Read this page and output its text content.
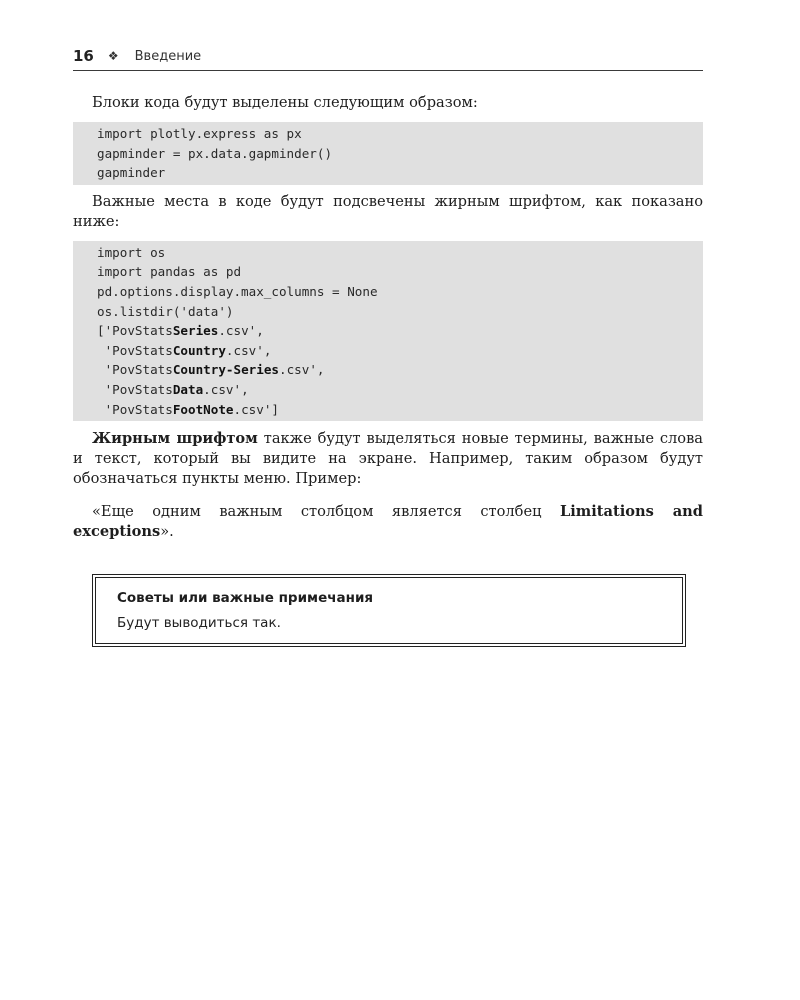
16 ❖ Введение

Блоки кода будут выделены следующим образом:

import plotly.express as px
gapminder = px.data.gapminder()
gapminder

Важные места в коде будут подсвечены жирным шрифтом, как показано ниже:

import os
import pandas as pd
pd.options.display.max_columns = None
os.listdir('data')
['PovStatsSeries.csv',
'PovStatsCountry.csv',
'PovStatsCountry-Series.csv',
'PovStatsData.csv',
'PovStatsFootNote.csv']

Жирным шрифтом также будут выделяться новые термины, важные слова и текст, который вы видите на экране. Например, таким образом будут обозначаться пункты меню. Пример:

«Еще одним важным столбцом является столбец Limitations and exceptions».

Советы или важные примечания
Будут выводиться так.
